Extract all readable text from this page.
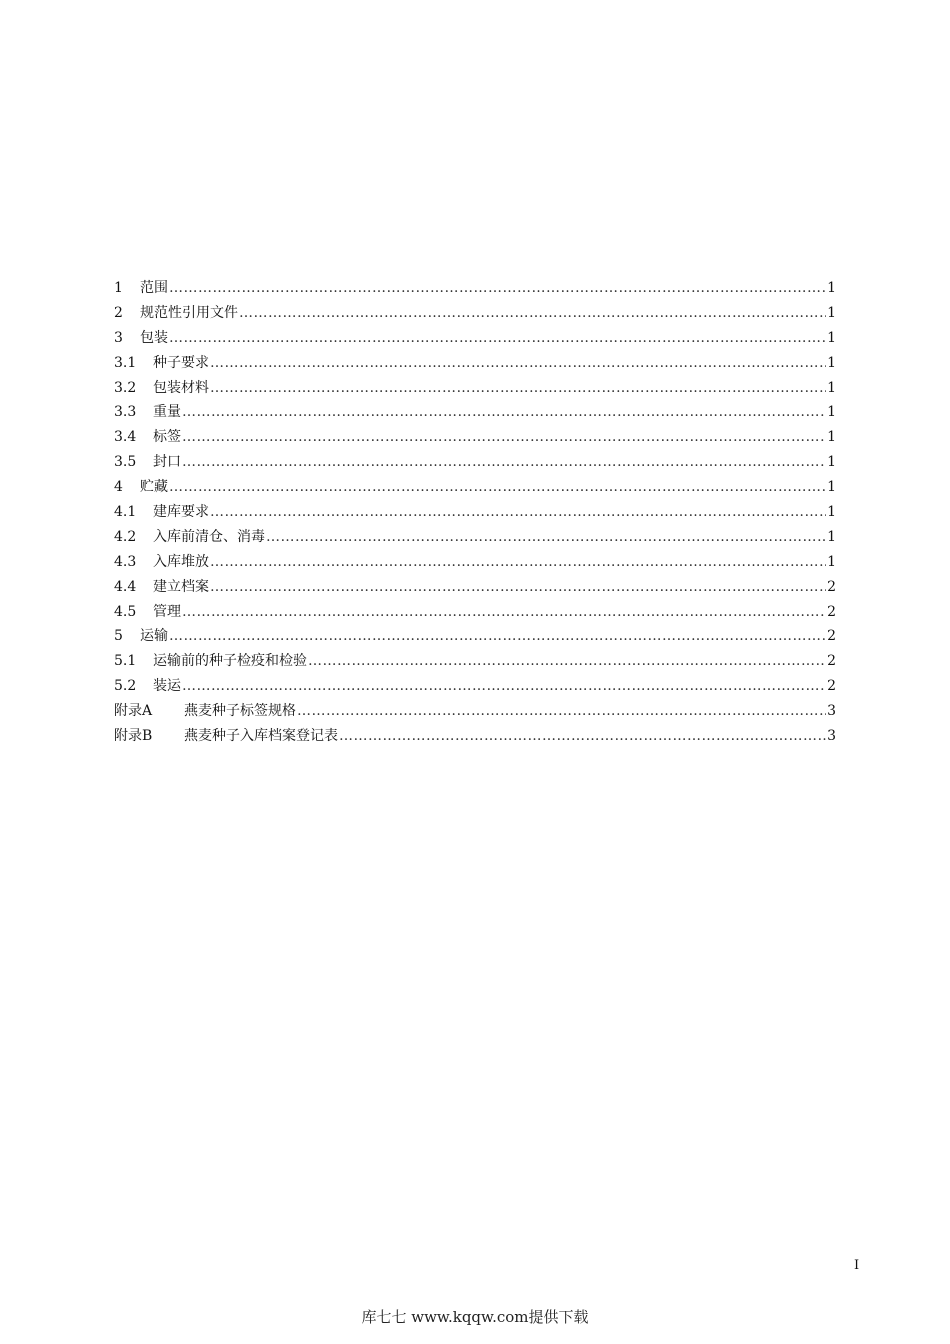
1	范围 ………………………………………………………………………………………………………………………………………………………………………………	1
2	规范性引用文件 ………………………………………………………………………………………………………………………………………………………………………………	1
3	包装 ………………………………………………………………………………………………………………………………………………………………………………	1
3.1	种子要求 ………………………………………………………………………………………………………………………………………………………………………………	1
3.2	包装材料 ………………………………………………………………………………………………………………………………………………………………………………	1
3.3	重量 ………………………………………………………………………………………………………………………………………………………………………………	1
3.4	标签 ………………………………………………………………………………………………………………………………………………………………………………	1
3.5	封口 ………………………………………………………………………………………………………………………………………………………………………………	1
4	贮藏 ………………………………………………………………………………………………………………………………………………………………………………	1
4.1	建库要求 ………………………………………………………………………………………………………………………………………………………………………………	1
4.2	入库前清仓、消毒 ………………………………………………………………………………………………………………………………………………………………………………	1
4.3	入库堆放 ………………………………………………………………………………………………………………………………………………………………………………	1
4.4	建立档案 ………………………………………………………………………………………………………………………………………………………………………………	2
4.5	管理 ………………………………………………………………………………………………………………………………………………………………………………	2
5	运输 ………………………………………………………………………………………………………………………………………………………………………………	2
5.1	运输前的种子检疫和检验 ………………………………………………………………………………………………………………………………………………………………………………	2
5.2	装运 ………………………………………………………………………………………………………………………………………………………………………………	2
附录A	燕麦种子标签规格 ………………………………………………………………………………………………………………………………………………………………………………	3
附录B	燕麦种子入库档案登记表 ………………………………………………………………………………………………………………………………………………………………………………	3
I
库七七 www.kqqw.com提供下载
